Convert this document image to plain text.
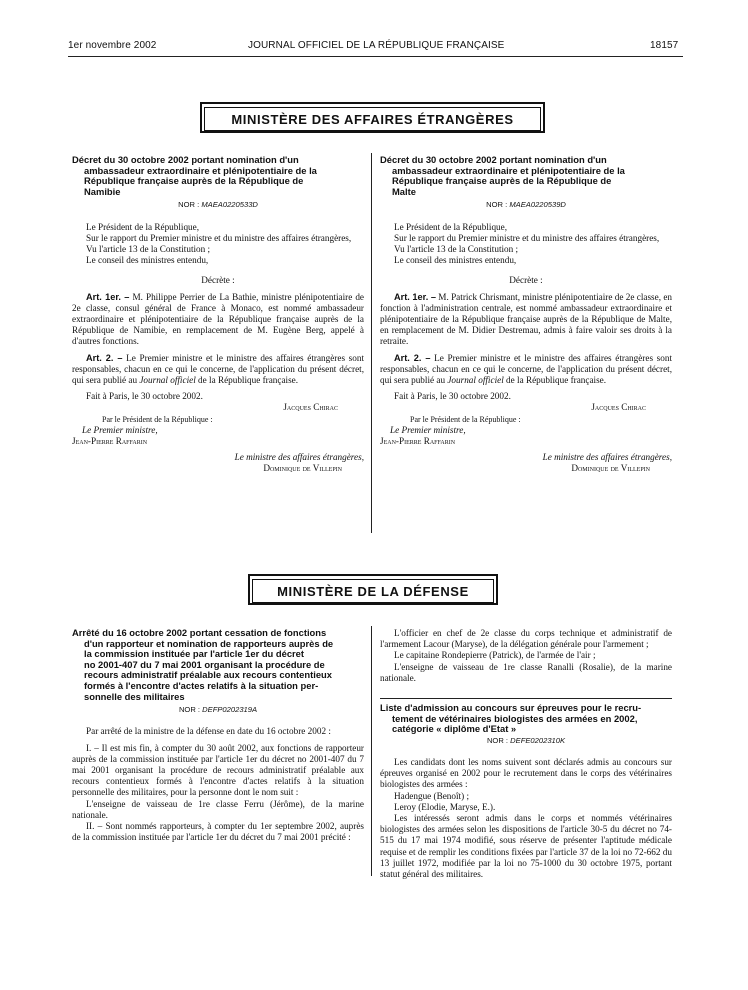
1er novembre 2002	JOURNAL OFFICIEL DE LA RÉPUBLIQUE FRANÇAISE	18157
MINISTÈRE DES AFFAIRES ÉTRANGÈRES
Décret du 30 octobre 2002 portant nomination d'un

ambassadeur extraordinaire et plénipotentiaire de la
République française auprès de la République de
Namibie
NOR : MAEA0220533D

Le Président de la République,

Sur le rapport du Premier ministre et du ministre des affaires étrangères,

Vu l'article 13 de la Constitution ;

Le conseil des ministres entendu,

Décrète :

Art. 1er. – M. Philippe Perrier de La Bathie, ministre plénipotentiaire de 2e classe, consul général de France à Monaco, est nommé ambassadeur extraordinaire et plénipotentiaire de la République française auprès de la République de Namibie, en remplacement de M. Eugène Berg, appelé à d'autres fonctions.

Art. 2. – Le Premier ministre et le ministre des affaires étrangères sont responsables, chacun en ce qui le concerne, de l'application du présent décret, qui sera publié au Journal officiel de la République française.

Fait à Paris, le 30 octobre 2002.

Jacques Chirac

Par le Président de la République :

Le Premier ministre,

Jean-Pierre Raffarin

Le ministre des affaires étrangères,

Dominique de Villepin

Décret du 30 octobre 2002 portant nomination d'un

ambassadeur extraordinaire et plénipotentiaire de la
République française auprès de la République de
Malte
NOR : MAEA0220539D

Le Président de la République,

Sur le rapport du Premier ministre et du ministre des affaires étrangères,

Vu l'article 13 de la Constitution ;

Le conseil des ministres entendu,

Décrète :

Art. 1er. – M. Patrick Chrismant, ministre plénipotentiaire de 2e classe, en fonction à l'administration centrale, est nommé ambassadeur extraordinaire et plénipotentiaire de la République française auprès de la République de Malte, en remplacement de M. Didier Destremau, admis à faire valoir ses droits à la retraite.

Art. 2. – Le Premier ministre et le ministre des affaires étrangères sont responsables, chacun en ce qui le concerne, de l'application du présent décret, qui sera publié au Journal officiel de la République française.

Fait à Paris, le 30 octobre 2002.

Jacques Chirac

Par le Président de la République :

Le Premier ministre,

Jean-Pierre Raffarin

Le ministre des affaires étrangères,

Dominique de Villepin

MINISTÈRE DE LA DÉFENSE
Arrêté du 16 octobre 2002 portant cessation de fonctions

d'un rapporteur et nomination de rapporteurs auprès de
la commission instituée par l'article 1er du décret
no 2001-407 du 7 mai 2001 organisant la procédure de
recours administratif préalable aux recours contentieux
formés à l'encontre d'actes relatifs à la situation per-
sonnelle des militaires
NOR : DEFP0202319A

Par arrêté de la ministre de la défense en date du 16 octobre 2002 :

I. – Il est mis fin, à compter du 30 août 2002, aux fonctions de rapporteur auprès de la commission instituée par l'article 1er du décret no 2001-407 du 7 mai 2001 organisant la procédure de recours administratif préalable aux recours contentieux formés à l'encontre d'actes relatifs à la situation personnelle des militaires, pour la personne dont le nom suit :

L'enseigne de vaisseau de 1re classe Ferru (Jérôme), de la marine nationale.

II. – Sont nommés rapporteurs, à compter du 1er septembre 2002, auprès de la commission instituée par l'article 1er du décret du 7 mai 2001 précité :

L'officier en chef de 2e classe du corps technique et administratif de l'armement Lacour (Maryse), de la délégation générale pour l'armement ;

Le capitaine Rondepierre (Patrick), de l'armée de l'air ;

L'enseigne de vaisseau de 1re classe Ranalli (Rosalie), de la marine nationale.

Liste d'admission au concours sur épreuves pour le recru-

tement de vétérinaires biologistes des armées en 2002,
catégorie « diplôme d'Etat »
NOR : DEFE0202310K

Les candidats dont les noms suivent sont déclarés admis au concours sur épreuves organisé en 2002 pour le recrutement dans le corps des vétérinaires biologistes des armées :

Hadengue (Benoît) ;

Leroy (Elodie, Maryse, E.).

Les intéressés seront admis dans le corps et nommés vétérinaires biologistes des armées selon les dispositions de l'article 30-5 du décret no 74-515 du 17 mai 1974 modifié, sous réserve de présenter l'aptitude médicale requise et de remplir les conditions fixées par l'article 37 de la loi no 72-662 du 13 juillet 1972, modifiée par la loi no 75-1000 du 30 octobre 1975, portant statut général des militaires.
